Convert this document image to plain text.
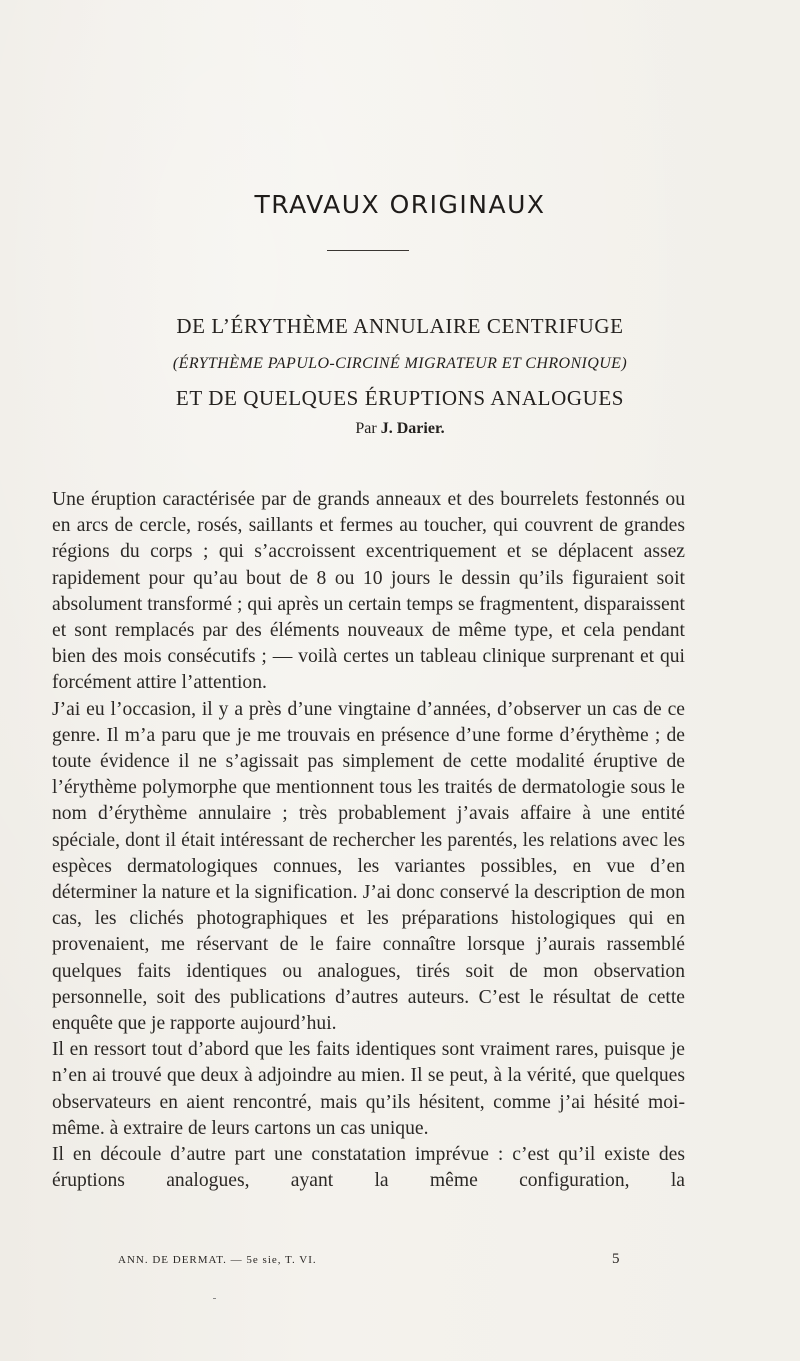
TRAVAUX ORIGINAUX
DE L’ÉRYTHÈME ANNULAIRE CENTRIFUGE
(ÉRYTHÈME PAPULO-CIRCINÉ MIGRATEUR ET CHRONIQUE)
ET DE QUELQUES ÉRUPTIONS ANALOGUES
Par J. Darier.

Une éruption caractérisée par de grands anneaux et des bourrelets festonnés ou en arcs de cercle, rosés, saillants et fermes au toucher, qui couvrent de grandes régions du corps ; qui s’accroissent excentriquement et se déplacent assez rapidement pour qu’au bout de 8 ou 10 jours le dessin qu’ils figuraient soit absolument transformé ; qui après un certain temps se fragmentent, disparaissent et sont remplacés par des éléments nouveaux de même type, et cela pendant bien des mois consécutifs ; — voilà certes un tableau clinique surprenant et qui forcément attire l’attention.

J’ai eu l’occasion, il y a près d’une vingtaine d’années, d’observer un cas de ce genre. Il m’a paru que je me trouvais en présence d’une forme d’érythème ; de toute évidence il ne s’agissait pas simplement de cette modalité éruptive de l’érythème polymorphe que mentionnent tous les traités de dermatologie sous le nom d’érythème annulaire ; très probablement j’avais affaire à une entité spéciale, dont il était intéressant de rechercher les parentés, les relations avec les espèces dermatologiques connues, les variantes possibles, en vue d’en déterminer la nature et la signification. J’ai donc conservé la description de mon cas, les clichés photographiques et les préparations histologiques qui en provenaient, me réservant de le faire connaître lorsque j’aurais rassemblé quelques faits identiques ou analogues, tirés soit de mon observation personnelle, soit des publications d’autres auteurs. C’est le résultat de cette enquête que je rapporte aujourd’hui.

Il en ressort tout d’abord que les faits identiques sont vraiment rares, puisque je n’en ai trouvé que deux à adjoindre au mien. Il se peut, à la vérité, que quelques observateurs en aient rencontré, mais qu’ils hésitent, comme j’ai hésité moi-même. à extraire de leurs cartons un cas unique.

Il en découle d’autre part une constatation imprévue : c’est qu’il existe des éruptions analogues, ayant la même configuration, la

ANN. DE DERMAT. — 5e sie, T. VI.	5
